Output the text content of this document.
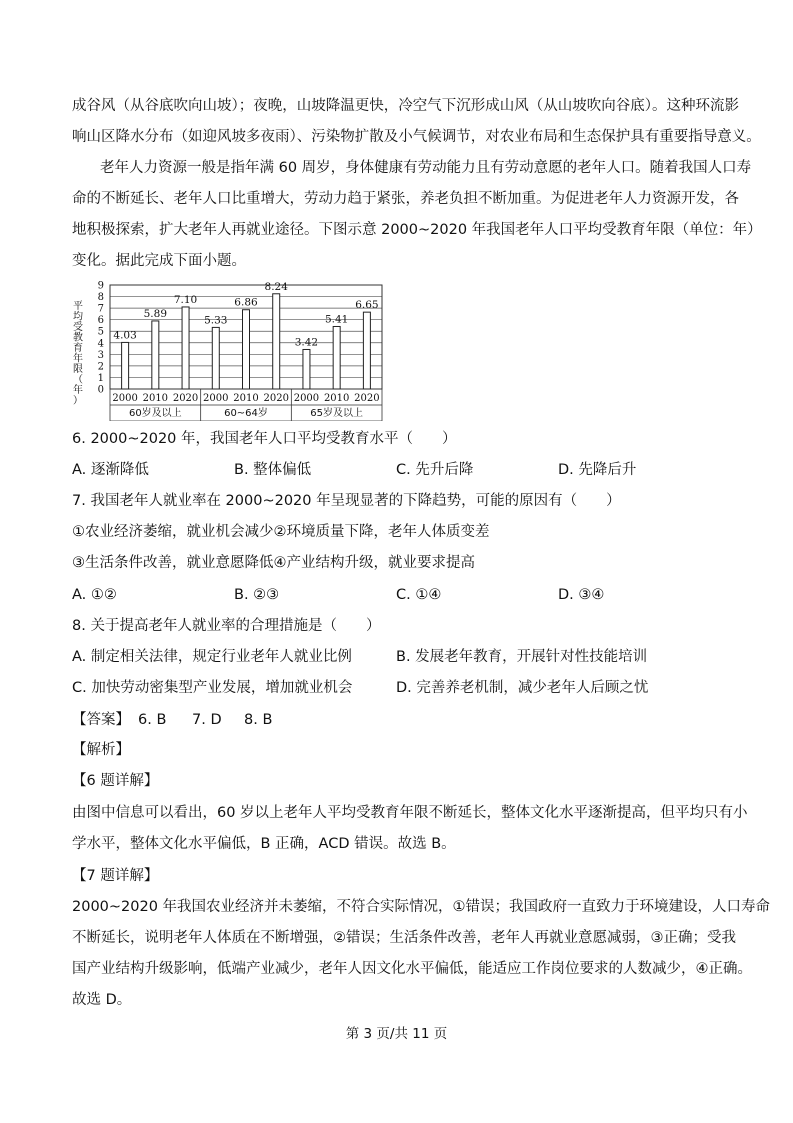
成谷风（从谷底吹向山坡）；夜晚，山坡降温更快，冷空气下沉形成山风（从山坡吹向谷底）。这种环流影
响山区降水分布（如迎风坡多夜雨）、污染物扩散及小气候调节，对农业布局和生态保护具有重要指导意义。
老年人力资源一般是指年满 60 周岁，身体健康有劳动能力且有劳动意愿的老年人口。随着我国人口寿
命的不断延长、老年人口比重增大，劳动力趋于紧张，养老负担不断加重。为促进老年人力资源开发，各
地积极探索，扩大老年人再就业途径。下图示意 2000~2020 年我国老年人口平均受教育年限（单位：年）
变化。据此完成下面小题。
平
均
受
教
育
年
限
（
年
）
0
1
2
3
4
5
6
7
8
9
4.03
2000
5.89
2010
7.10
2020
60岁及以上
5.33
2000
6.86
2010
8.24
2020
60~64岁
3.42
2000
5.41
2010
6.65
2020
65岁及以上
6. 2000~2020 年，我国老年人口平均受教育水平（　　）
A. 逐渐降低	B. 整体偏低	C. 先升后降	D. 先降后升
7. 我国老年人就业率在 2000~2020 年呈现显著的下降趋势，可能的原因有（　　）
①农业经济萎缩，就业机会减少②环境质量下降，老年人体质变差
③生活条件改善，就业意愿降低④产业结构升级，就业要求提高
A. ①②	B. ②③	C. ①④	D. ③④
8. 关于提高老年人就业率的合理措施是（　　）
A. 制定相关法律，规定行业老年人就业比例	B. 发展老年教育，开展针对性技能培训
C. 加快劳动密集型产业发展，增加就业机会	D. 完善养老机制，减少老年人后顾之忧
【答案】 6. B 7. D 8. B
【解析】
【6 题详解】
由图中信息可以看出，60 岁以上老年人平均受教育年限不断延长，整体文化水平逐渐提高，但平均只有小
学水平，整体文化水平偏低，B 正确，ACD 错误。故选 B。
【7 题详解】
2000~2020 年我国农业经济并未萎缩，不符合实际情况，①错误；我国政府一直致力于环境建设，人口寿命
不断延长，说明老年人体质在不断增强，②错误；生活条件改善，老年人再就业意愿减弱，③正确；受我
国产业结构升级影响，低端产业减少，老年人因文化水平偏低，能适应工作岗位要求的人数减少，④正确。
故选 D。
第 3 页/共 11 页
